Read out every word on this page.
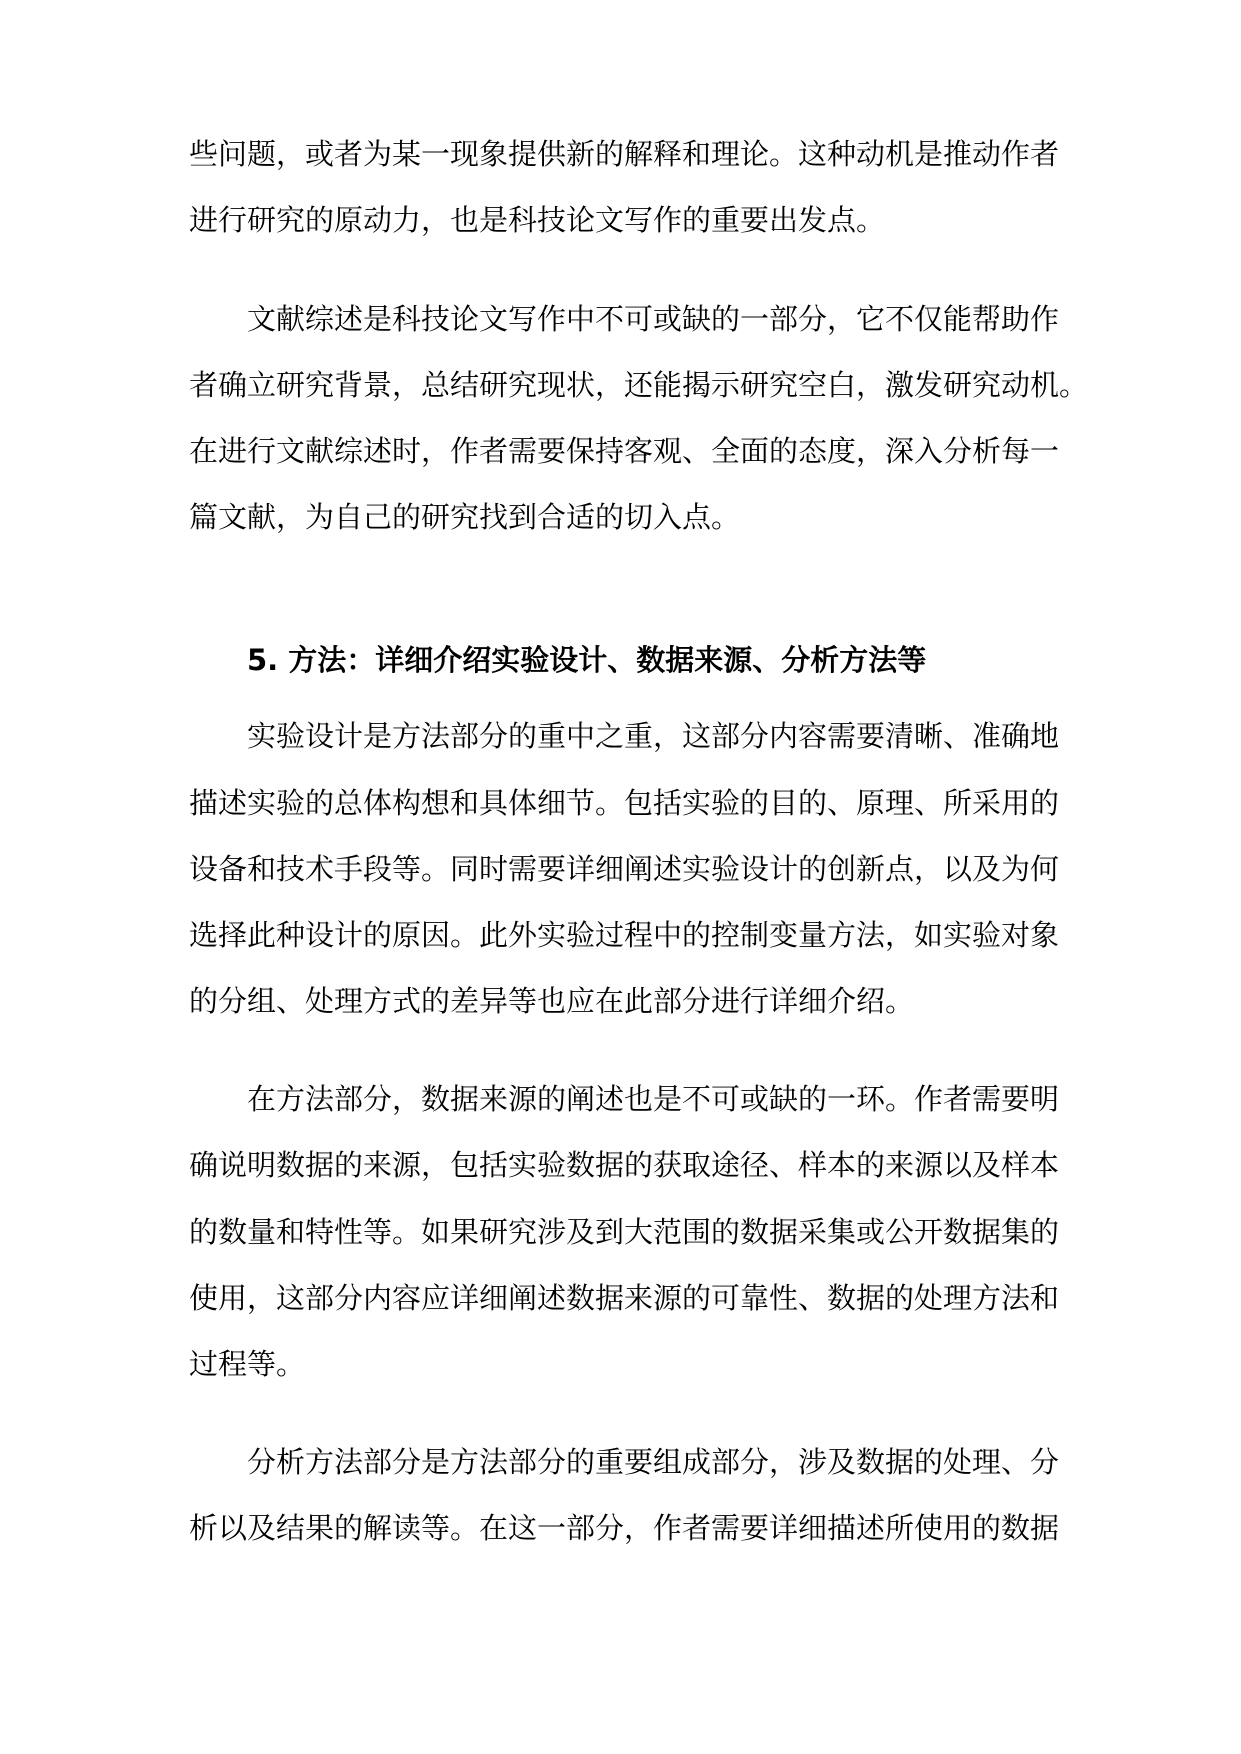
些问题，或者为某一现象提供新的解释和理论。这种动机是推动作者
进行研究的原动力，也是科技论文写作的重要出发点。
文献综述是科技论文写作中不可或缺的一部分，它不仅能帮助作
者确立研究背景，总结研究现状，还能揭示研究空白，激发研究动机。
在进行文献综述时，作者需要保持客观、全面的态度，深入分析每一
篇文献，为自己的研究找到合适的切入点。
5. 方法：详细介绍实验设计、数据来源、分析方法等
实验设计是方法部分的重中之重，这部分内容需要清晰、准确地
描述实验的总体构想和具体细节。包括实验的目的、原理、所采用的
设备和技术手段等。同时需要详细阐述实验设计的创新点，以及为何
选择此种设计的原因。此外实验过程中的控制变量方法，如实验对象
的分组、处理方式的差异等也应在此部分进行详细介绍。
在方法部分，数据来源的阐述也是不可或缺的一环。作者需要明
确说明数据的来源，包括实验数据的获取途径、样本的来源以及样本
的数量和特性等。如果研究涉及到大范围的数据采集或公开数据集的
使用，这部分内容应详细阐述数据来源的可靠性、数据的处理方法和
过程等。
分析方法部分是方法部分的重要组成部分，涉及数据的处理、分
析以及结果的解读等。在这一部分，作者需要详细描述所使用的数据
